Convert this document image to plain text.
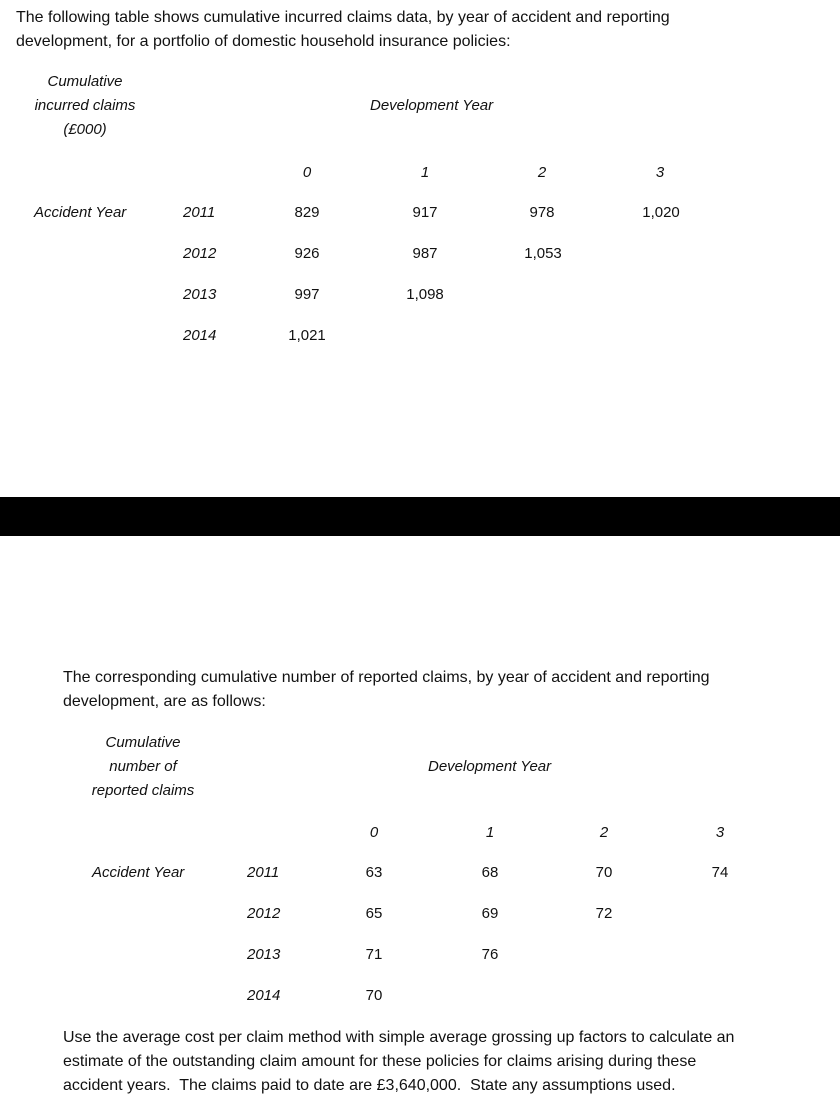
The following table shows cumulative incurred claims data, by year of accident and reporting
development, for a portfolio of domestic household insurance policies:
Cumulative
incurred claims
(£000)
Development Year
0	1	2	3
Accident Year	2011	829	917	978	1,020
2012	926	987	1,053
2013	997	1,098
2014	1,021
The corresponding cumulative number of reported claims, by year of accident and reporting
development, are as follows:
Cumulative
number of
reported claims
Development Year
0	1	2	3
Accident Year	2011	63	68	70	74
2012	65	69	72
2013	71	76
2014	70
Use the average cost per claim method with simple average grossing up factors to calculate an
estimate of the outstanding claim amount for these policies for claims arising during these
accident years.  The claims paid to date are £3,640,000.  State any assumptions used.
